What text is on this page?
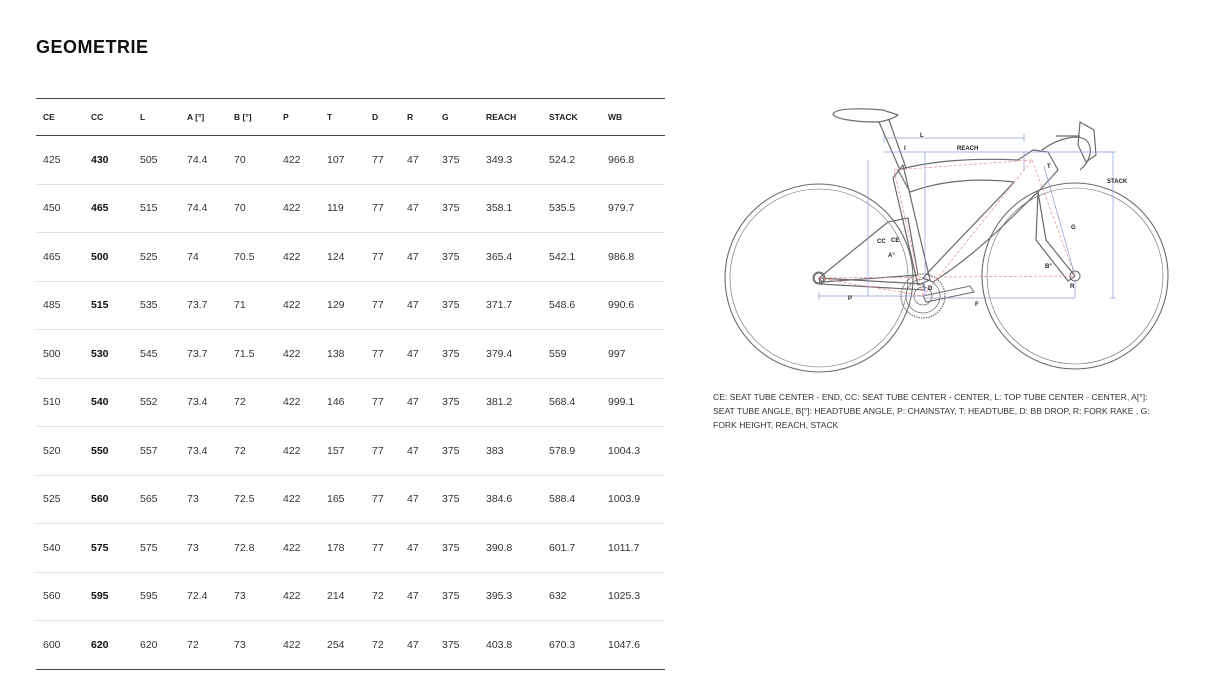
GEOMETRIE
CE	CC	L	A [°]	B [°]	P	T	D	R	G	REACH	STACK	WB
425	430	505	74.4	70	422	107	77	47	375	349.3	524.2	966.8
450	465	515	74.4	70	422	119	77	47	375	358.1	535.5	979.7
465	500	525	74	70.5	422	124	77	47	375	365.4	542.1	986.8
485	515	535	73.7	71	422	129	77	47	375	371.7	548.6	990.6
500	530	545	73.7	71.5	422	138	77	47	375	379.4	559	997
510	540	552	73.4	72	422	146	77	47	375	381.2	568.4	999.1
520	550	557	73.4	72	422	157	77	47	375	383	578.9	1004.3
525	560	565	73	72.5	422	165	77	47	375	384.6	588.4	1003.9
540	575	575	73	72.8	422	178	77	47	375	390.8	601.7	1011.7
560	595	595	72.4	73	422	214	72	47	375	395.3	632	1025.3
600	620	620	72	73	422	254	72	47	375	403.8	670.3	1047.6
L
I	REACH
STACK
T
G
CC CE
A°
B°
D	R
P
F

CE: SEAT TUBE CENTER - END, CC: SEAT TUBE CENTER - CENTER, L: TOP TUBE CENTER - CENTER, A[°]: SEAT TUBE ANGLE, B[°]: HEADTUBE ANGLE, P: CHAINSTAY, T: HEADTUBE, D: BB DROP, R: FORK RAKE , G: FORK HEIGHT, REACH, STACK
